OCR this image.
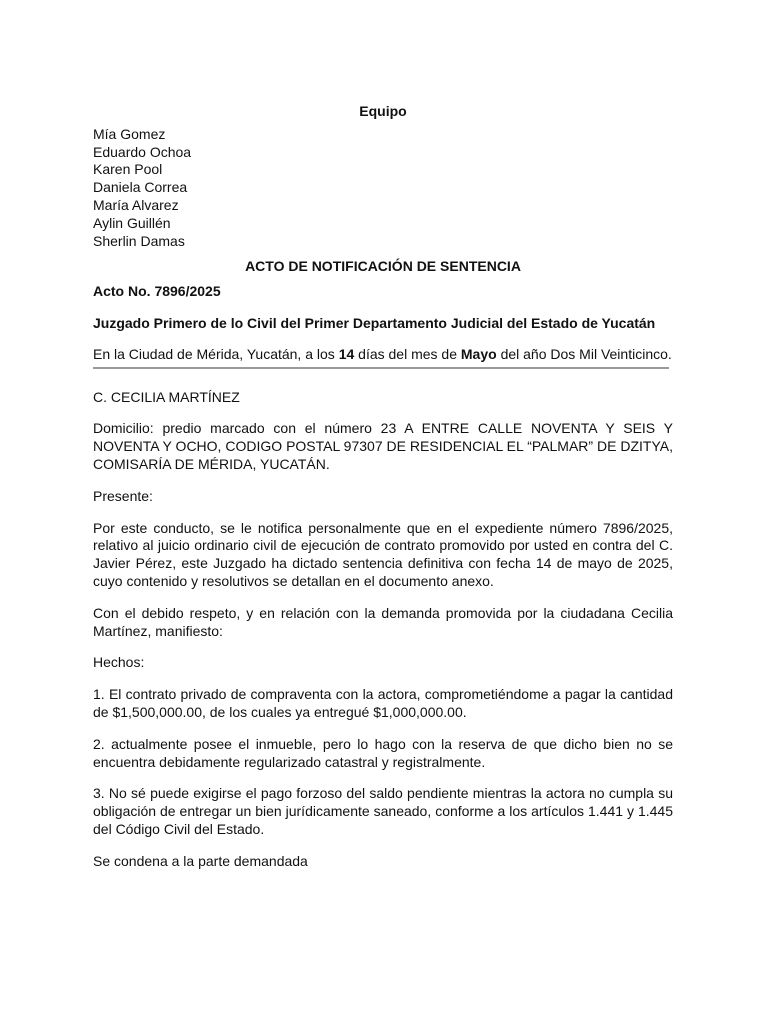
Equipo
Mía Gomez
Eduardo Ochoa
Karen Pool
Daniela Correa
María Alvarez
Aylin Guillén
Sherlin Damas
ACTO DE NOTIFICACIÓN DE SENTENCIA
Acto No. 7896/2025
Juzgado Primero de lo Civil del Primer Departamento Judicial del Estado de Yucatán
En la Ciudad de Mérida, Yucatán, a los 14 días del mes de Mayo del año Dos Mil Veinticinco.
C. CECILIA MARTÍNEZ
Domicilio: predio marcado con el número 23 A ENTRE CALLE NOVENTA Y SEIS Y NOVENTA Y OCHO, CODIGO POSTAL 97307 DE RESIDENCIAL EL “PALMAR” DE DZITYA, COMISARÍA DE MÉRIDA, YUCATÁN.
Presente:
Por este conducto, se le notifica personalmente que en el expediente número 7896/2025, relativo al juicio ordinario civil de ejecución de contrato promovido por usted en contra del C. Javier Pérez, este Juzgado ha dictado sentencia definitiva con fecha 14 de mayo de 2025, cuyo contenido y resolutivos se detallan en el documento anexo.
Con el debido respeto, y en relación con la demanda promovida por la ciudadana Cecilia Martínez, manifiesto:
Hechos:
1. El contrato privado de compraventa con la actora, comprometiéndome a pagar la cantidad de $1,500,000.00, de los cuales ya entregué $1,000,000.00.
2. actualmente posee el inmueble, pero lo hago con la reserva de que dicho bien no se encuentra debidamente regularizado catastral y registralmente.
3. No sé puede exigirse el pago forzoso del saldo pendiente mientras la actora no cumpla su obligación de entregar un bien jurídicamente saneado, conforme a los artículos 1.441 y 1.445 del Código Civil del Estado.
Se condena a la parte demandada
